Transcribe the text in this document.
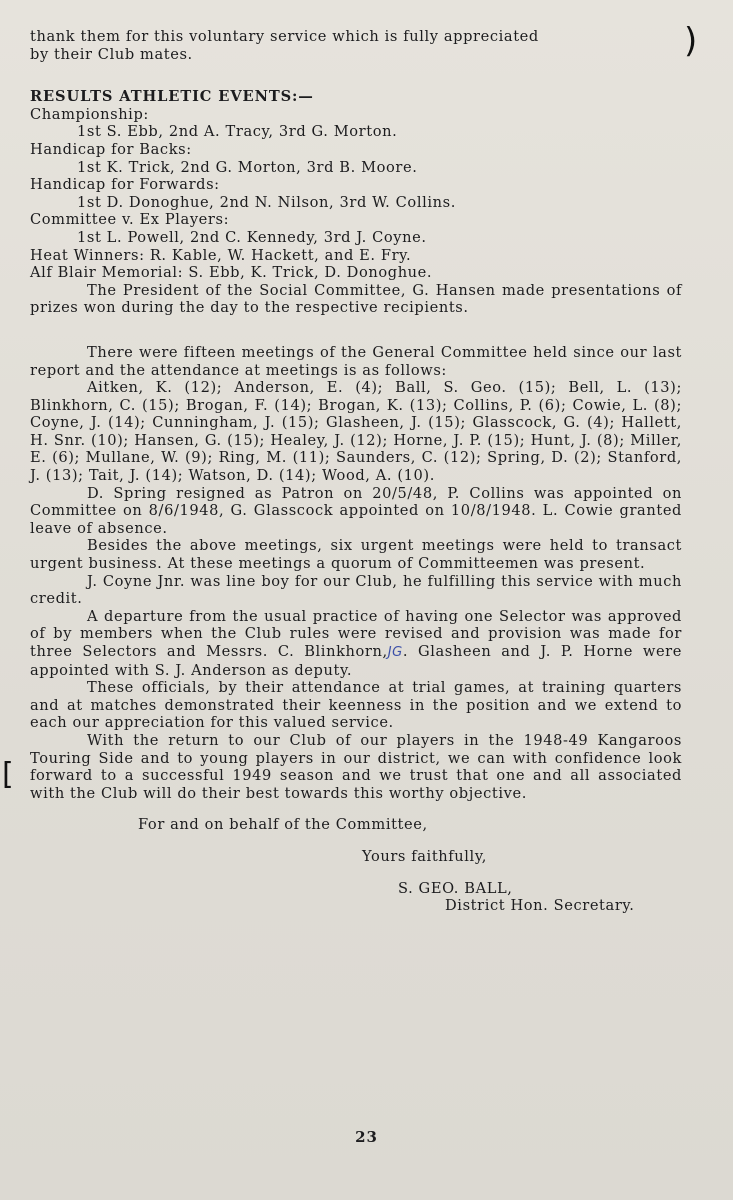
)
[

thank them for this voluntary service which is fully appreciated

by their Club mates.

RESULTS ATHLETIC EVENTS:—

Championship:

1st S. Ebb, 2nd A. Tracy, 3rd G. Morton.

Handicap for Backs:

1st K. Trick, 2nd G. Morton, 3rd B. Moore.

Handicap for Forwards:

1st D. Donoghue, 2nd N. Nilson, 3rd W. Collins.

Committee v. Ex Players:

1st L. Powell, 2nd C. Kennedy, 3rd J. Coyne.

Heat Winners: R. Kable, W. Hackett, and E. Fry.

Alf Blair Memorial: S. Ebb, K. Trick, D. Donoghue.

The President of the Social Committee, G. Hansen made presentations of prizes won during the day to the respective recipients.

There were fifteen meetings of the General Committee held since our last report and the attendance at meetings is as follows:

Aitken, K. (12); Anderson, E. (4); Ball, S. Geo. (15); Bell, L. (13); Blinkhorn, C. (15); Brogan, F. (14); Brogan, K. (13); Collins, P. (6); Cowie, L. (8); Coyne, J. (14); Cunningham, J. (15); Glasheen, J. (15); Glasscock, G. (4); Hallett, H. Snr. (10); Hansen, G. (15); Healey, J. (12); Horne, J. P. (15); Hunt, J. (8); Miller, E. (6); Mullane, W. (9); Ring, M. (11); Saunders, C. (12); Spring, D. (2); Stanford, J. (13); Tait, J. (14); Watson, D. (14); Wood, A. (10).

D. Spring resigned as Patron on 20/5/48, P. Collins was appointed on Committee on 8/6/1948, G. Glasscock appointed on 10/8/1948. L. Cowie granted leave of absence.

Besides the above meetings, six urgent meetings were held to transact urgent business. At these meetings a quorum of Committeemen was present.

J. Coyne Jnr. was line boy for our Club, he fulfilling this service with much credit.

A departure from the usual practice of having one Selector was approved of by members when the Club rules were revised and provision was made for three Selectors and Messrs. C. Blinkhorn,JG. Glasheen and J. P. Horne were appointed with S. J. Anderson as deputy.

These officials, by their attendance at trial games, at training quarters and at matches demonstrated their keenness in the position and we extend to each our appreciation for this valued service.

With the return to our Club of our players in the 1948-49 Kangaroos Touring Side and to young players in our district, we can with confidence look forward to a successful 1949 season and we trust that one and all associated with the Club will do their best towards this worthy objective.

For and on behalf of the Committee,

Yours faithfully,

S. GEO. BALL,

District Hon. Secretary.

23
